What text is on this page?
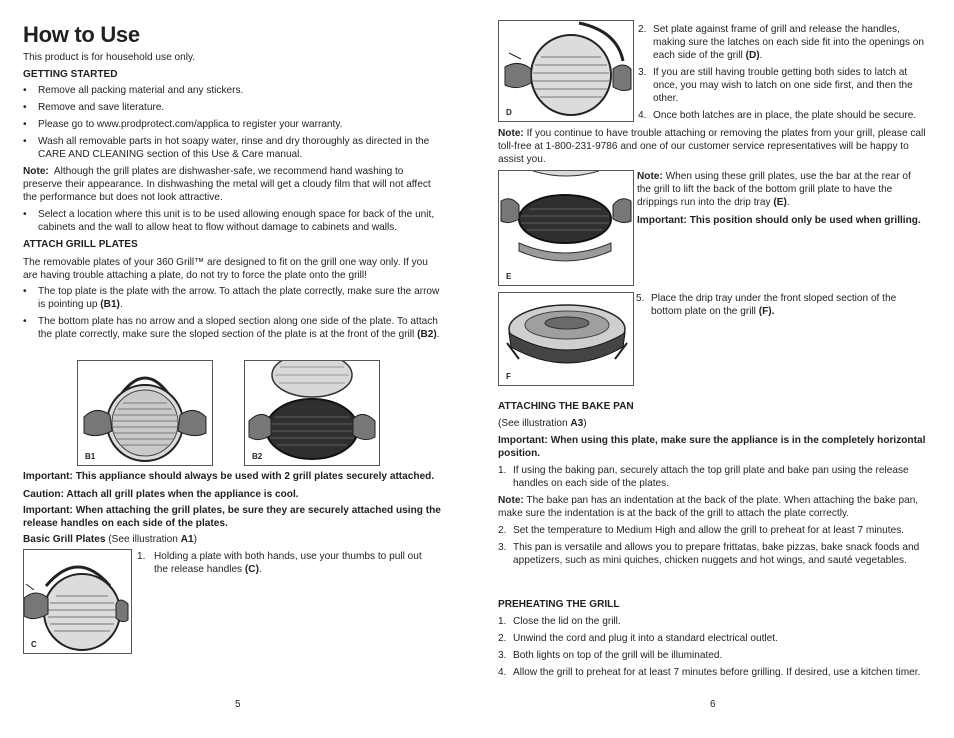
How to Use

This product is for household use only.

GETTING STARTED
• Remove all packing material and any stickers.
• Remove and save literature.
• Please go to www.prodprotect.com/applica to register your warranty.
• Wash all removable parts in hot soapy water, rinse and dry thoroughly as directed in the CARE AND CLEANING section of this Use & Care manual.

Note: Although the grill plates are dishwasher-safe, we recommend hand washing to preserve their appearance. In dishwashing the metal will get a cloudy film that will not affect the performance but does not look attractive.

• Select a location where this unit is to be used allowing enough space for back of the unit, cabinets and the wall to allow heat to flow without damage to cabinets and walls.
ATTACH GRILL PLATES

The removable plates of your 360 Grill™ are designed to fit on the grill one way only. If you are having trouble attaching a plate, do not try to force the plate onto the grill!

• The top plate is the plate with the arrow. To attach the plate correctly, make sure the arrow is pointing up (B1).
• The bottom plate has no arrow and a sloped section along one side of the plate. To attach the plate correctly, make sure the sloped section of the plate is at the front of the grill (B2).
B1	B2

Important: This appliance should always be used with 2 grill plates securely attached.

Caution: Attach all grill plates when the appliance is cool.

Important: When attaching the grill plates, be sure they are securely attached using the release handles on each side of the plates.

Basic Grill Plates (See illustration A1)

C
1. Holding a plate with both hands, use your thumbs to pull out the release handles (C).
5
D
2. Set plate against frame of grill and release the handles, making sure the latches on each side fit into the openings on each side of the grill (D).
3. If you are still having trouble getting both sides to latch at once, you may wish to latch on one side first, and then the other.
4. Once both latches are in place, the plate should be secure.

Note: If you continue to have trouble attaching or removing the plates from your grill, please call toll-free at 1-800-231-9786 and one of our customer service representatives will be happy to assist you.

E

Note: When using these grill plates, use the bar at the rear of the grill to lift the back of the bottom grill plate to have the drippings run into the drip tray (E).

Important: This position should only be used when grilling.

F
5. Place the drip tray under the front sloped section of the bottom plate on the grill (F).
ATTACHING THE BAKE PAN

(See illustration A3)

Important: When using this plate, make sure the appliance is in the completely horizontal position.

1. If using the baking pan, securely attach the top grill plate and bake pan using the release handles on each side of the plates.

Note: The bake pan has an indentation at the back of the plate. When attaching the bake pan, make sure the indentation is at the back of the grill to attach the plate correctly.

2. Set the temperature to Medium High and allow the grill to preheat for at least 7 minutes.
3. This pan is versatile and allows you to prepare frittatas, bake pizzas, bake snack foods and appetizers, such as mini quiches, chicken nuggets and hot wings, and sauté vegetables.
PREHEATING THE GRILL
1. Close the lid on the grill.
2. Unwind the cord and plug it into a standard electrical outlet.
3. Both lights on top of the grill will be illuminated.
4. Allow the grill to preheat for at least 7 minutes before grilling. If desired, use a kitchen timer.
6
